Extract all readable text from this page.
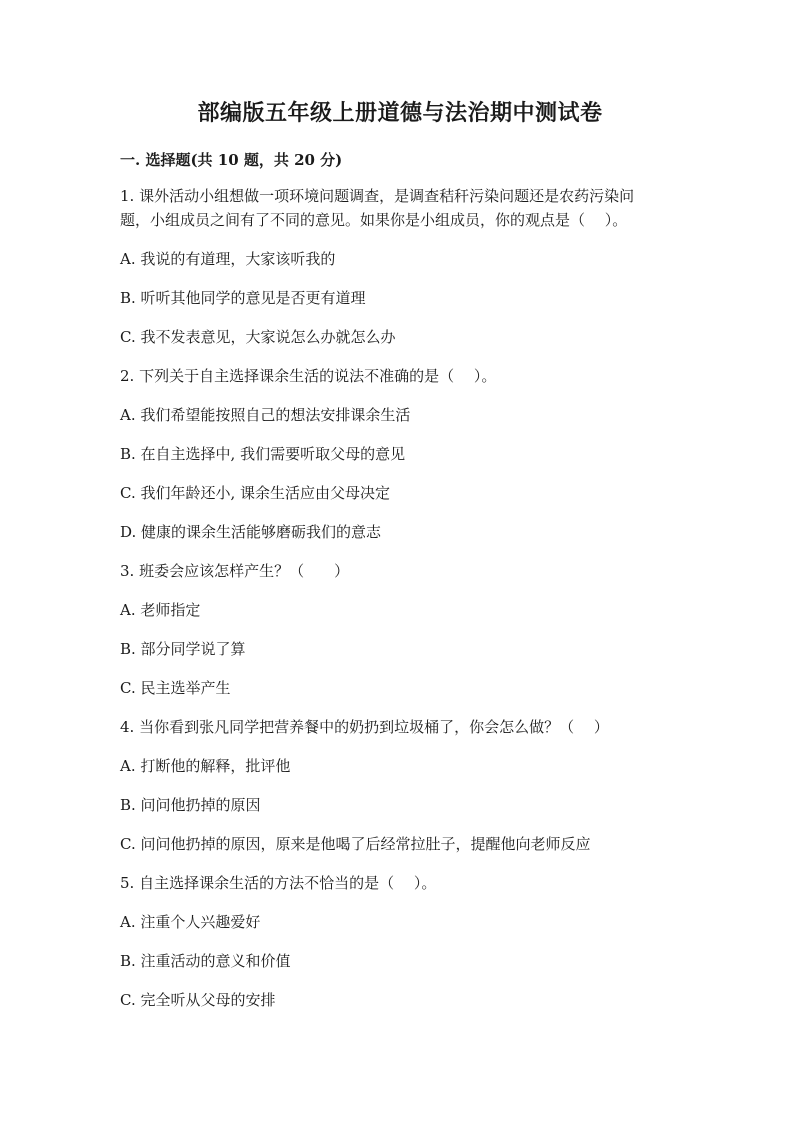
部编版五年级上册道德与法治期中测试卷
一. 选择题(共 10 题，共 20 分)
1. 课外活动小组想做一项环境问题调查，是调查秸秆污染问题还是农药污染问
题，小组成员之间有了不同的意见。如果你是小组成员，你的观点是（　 ）。
A. 我说的有道理，大家该听我的
B. 听听其他同学的意见是否更有道理
C. 我不发表意见，大家说怎么办就怎么办
2. 下列关于自主选择课余生活的说法不准确的是（　 ）。
A. 我们希望能按照自己的想法安排课余生活
B. 在自主选择中, 我们需要听取父母的意见
C. 我们年龄还小, 课余生活应由父母决定
D. 健康的课余生活能够磨砺我们的意志
3. 班委会应该怎样产生？（　　）
A. 老师指定
B. 部分同学说了算
C. 民主选举产生
4. 当你看到张凡同学把营养餐中的奶扔到垃圾桶了，你会怎么做？（　 ）
A. 打断他的解释，批评他
B. 问问他扔掉的原因
C. 问问他扔掉的原因，原来是他喝了后经常拉肚子，提醒他向老师反应
5. 自主选择课余生活的方法不恰当的是（　 ）。
A. 注重个人兴趣爱好
B. 注重活动的意义和价值
C. 完全听从父母的安排
